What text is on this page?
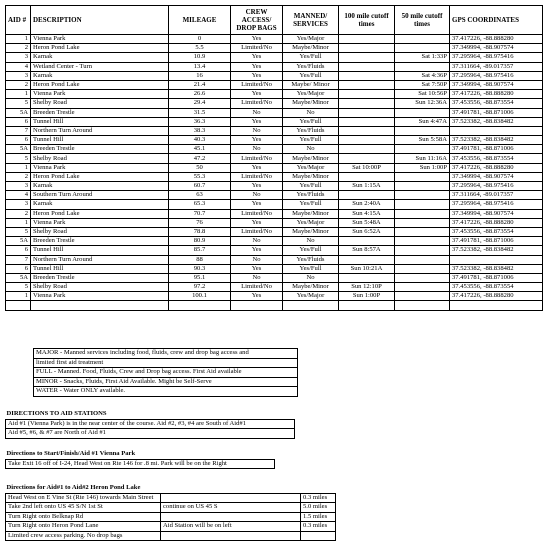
AID #	DESCRIPTION	MILEAGE	CREW ACCESS/ DROP BAGS	MANNED/ SERVICES	100 mile cutoff times	50 mile cutoff times	GPS COORDINATES
1	Vienna Park	0	Yes	Yes/Major			37.417226, -88.888280
2	Heron Pond Lake	5.5	Limited/No	Maybe/Minor			37.349994, -88.907574
3	Karnak	10.9	Yes	Yes/Full		Sat 1:33P	37.295964, -88.975416
4	Wetland Center - Turn	13.4	Yes	Yes/Fluids			37.311664, -89.017357
3	Karnak	16	Yes	Yes/Full		Sat 4:36P	37.295964, -88.975416
2	Heron Pond Lake	21.4	Limited/No	Maybe/ Minor		Sat 7:50P	37.349994, -88.907574
1	Vienna Park	26.6	Yes	Yes/Major		Sat 10:56P	37.417226, -88.888280
5	Shelby Road	29.4	Limited/No	Maybe/Minor		Sun 12:36A	37.453556, -88.873554
5A	Breeden Trestle	31.5	No	No			37.491781, -88.871006
6	Tunnel Hill	36.3	Yes	Yes/Full		Sun 4:47A	37.523382, -88.838482
7	Northern Turn Around	38.3	No	Yes/Fluids			
6	Tunnel Hill	40.3	Yes	Yes/Full		Sun 5:58A	37.523382, -88.838482
5A	Breeden Trestle	45.1	No	No			37.491781, -88.871006
5	Shelby Road	47.2	Limited/No	Maybe/Minor		Sun 11:16A	37.453556, -88.873554
1	Vienna Park	50	Yes	Yes/Major	Sat 10:00P	Sun 1:00P	37.417226, -88.888280
2	Heron Pond Lake	55.3	Limited/No	Maybe/Minor			37.349994, -88.907574
3	Karnak	60.7	Yes	Yes/Full	Sun 1:15A		37.295964, -88.975416
4	Southern Turn Around	63	No	Yes/Fluids			37.311664, -89.017357
3	Karnak	65.3	Yes	Yes/Full	Sun 2:40A		37.295964, -88.975416
2	Heron Pond Lake	70.7	Limited/No	Maybe/Minor	Sun 4:15A		37.349994, -88.907574
1	Vienna Park	76	Yes	Yes/Major	Sun 5:48A		37.417226, -88.888280
5	Shelby Road	78.8	Limited/No	Maybe/Minor	Sun 6:52A		37.453556, -88.873554
5A	Breeden Trestle	80.9	No	No			37.491781, -88.871006
6	Tunnel Hill	85.7	Yes	Yes/Full	Sun 8:57A		37.523382, -88.838482
7	Northern Turn Around	88	No	Yes/Fluids			
6	Tunnel Hill	90.3	Yes	Yes/Full	Sun 10:21A		37.523382, -88.838482
5A	Breeden Trestle	95.1	No	No			37.491781, -88.871006
5	Shelby Road	97.2	Limited/No	Maybe/Minor	Sun 12:10P		37.453556, -88.873554
1	Vienna Park	100.1	Yes	Yes/Major	Sun 1:00P		37.417226, -88.888280

MAJOR - Manned services including food, fluids, crew and drop bag access and
limited first aid treatment
FULL - Manned. Food, Fluids, Crew and Drop bag access. First Aid available
MINOR - Snacks, Fluids, First Aid Available. Might be Self-Serve
WATER - Water ONLY available.
DIRECTIONS TO AID STATIONS
Aid #1 (Vienna Park) is in the near center of the course. Aid #2, #3, #4 are South of Aid#1
Aid #5, #6, & #7 are North of Aid #1
Directions to Start/Finish/Aid #1 Vienna Park
Take Exit 16 off of I-24, Head West on Rte 146 for .8 mi. Park will be on the Right
Directions for Aid#1 to Aid#2 Heron Pond Lake		
Head West on E Vine St (Rte 146) towards Main Street		0.3 miles
Take 2nd left onto US 45 S/N 1st St	continue on US 45 S	5.0 miles
Turn Right onto Belknap Rd		1.5 miles
Turn Right onto Heron Pond Lane	Aid Station will be on left	0.3 miles
Limited crew access parking. No drop bags		
